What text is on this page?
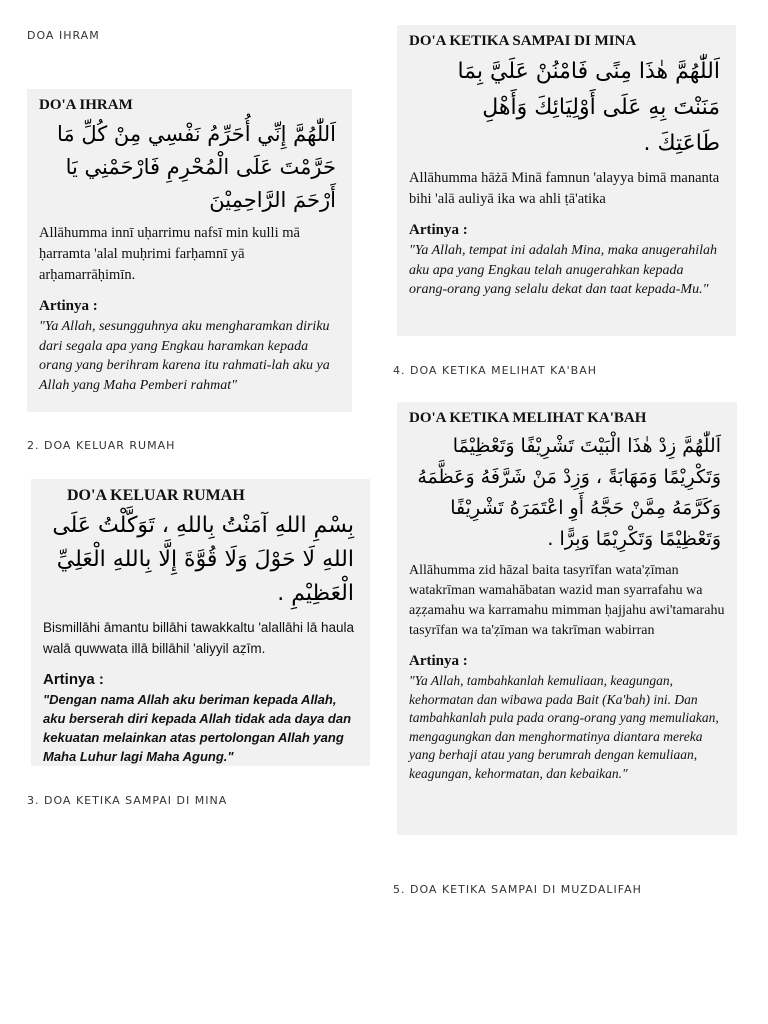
DOA IHRAM
2. DOA KELUAR RUMAH
3. DOA KETIKA SAMPAI DI MINA
4. DOA KETIKA MELIHAT KA'BAH
5. DOA KETIKA SAMPAI DI MUZDALIFAH
DO'A IHRAM
اَللّٰهُمَّ إِنِّي أُحَرِّمُ نَفْسِي مِنْ كُلِّ مَا حَرَّمْتَ عَلَى الْمُحْرِمِ فَارْحَمْنِي يَا أَرْحَمَ الرَّاحِمِيْنَ
Allāhumma innī uḥarrimu nafsī min kulli mā ḥarramta 'alal muḥrimi farḥamnī yā arḥamarrāḥimīn.
Artinya :
"Ya Allah, sesungguhnya aku mengharamkan diriku dari segala apa yang Engkau haramkan kepada orang yang berihram karena itu rahmati-lah aku ya Allah yang Maha Pemberi rahmat"
DO'A KELUAR RUMAH
بِسْمِ اللهِ آمَنْتُ بِاللهِ ، تَوَكَّلْتُ عَلَى اللهِ لَا حَوْلَ وَلَا قُوَّةَ إِلَّا بِاللهِ الْعَلِيِّ الْعَظِيْمِ .
Bismillāhi āmantu billāhi tawakkaltu 'alallāhi lā haula walā quwwata illā billāhil 'aliyyil aẓīm.
Artinya :
"Dengan nama Allah aku beriman kepada Allah, aku berserah diri kepada Allah tidak ada daya dan kekuatan melainkan atas pertolongan Allah yang Maha Luhur lagi Maha Agung."
DO'A KETIKA SAMPAI DI MINA
اَللّٰهُمَّ هٰذَا مِنًى فَامْنُنْ عَلَيَّ بِمَا مَنَنْتَ بِهِ عَلَى أَوْلِيَائِكَ وَأَهْلِ طَاعَتِكَ .
Allāhumma hāżā Minā famnun 'alayya bimā mananta bihi 'alā auliyā ika wa ahli ṭā'atika
Artinya :
"Ya Allah, tempat ini adalah Mina, maka anugerahilah aku apa yang Engkau telah anugerahkan kepada orang-orang yang selalu dekat dan taat kepada-Mu."
DO'A KETIKA MELIHAT KA'BAH
اَللّٰهُمَّ زِدْ هٰذَا الْبَيْتَ تَشْرِيْفًا وَتَعْظِيْمًا وَتَكْرِيْمًا وَمَهَابَةً ، وَزِدْ مَنْ شَرَّفَهُ وَعَظَّمَهُ وَكَرَّمَهُ مِمَّنْ حَجَّهُ أَوِ اعْتَمَرَهُ تَشْرِيْفًا وَتَعْظِيْمًا وَتَكْرِيْمًا وَبِرًّا .
Allāhumma zid hāzal baita tasyrīfan wata'ẓīman watakrīman wamahābatan wazid man syarrafahu wa aẓẓamahu wa karramahu mimman ḥajjahu awi'tamarahu tasyrīfan wa ta'ẓīman wa takrīman wabirran
Artinya :
"Ya Allah, tambahkanlah kemuliaan, keagungan, kehormatan dan wibawa pada Bait (Ka'bah) ini. Dan tambahkanlah pula pada orang-orang yang memuliakan, mengagungkan dan menghormatinya diantara mereka yang berhaji atau yang berumrah dengan kemuliaan, keagungan, kehormatan, dan kebaikan."
